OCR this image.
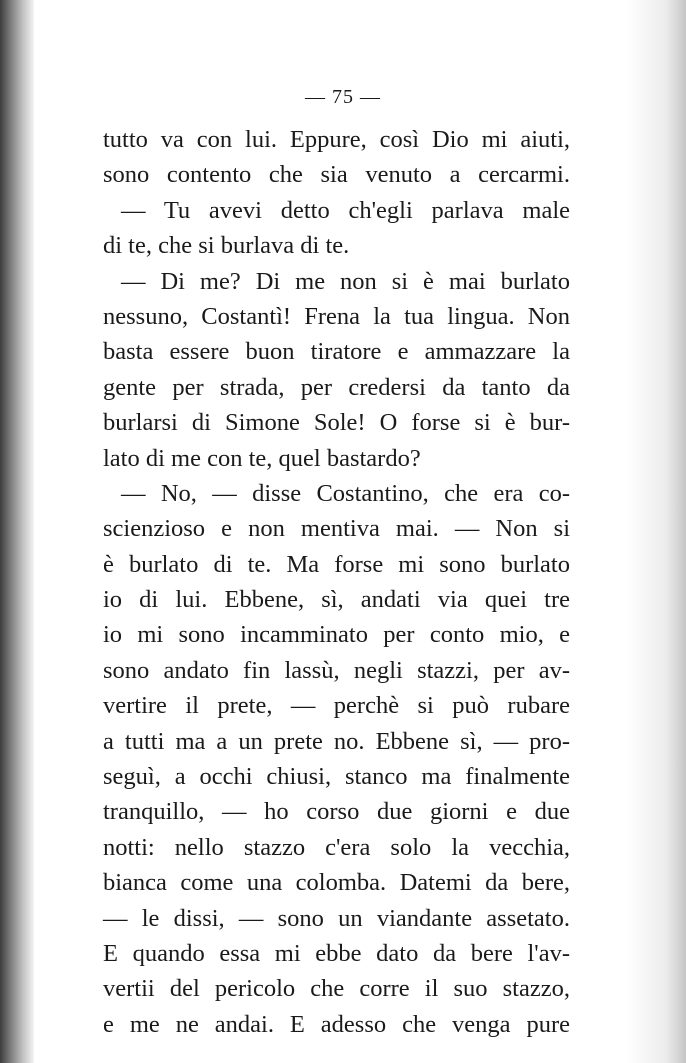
— 75 —
tutto va con lui. Eppure, così Dio mi aiuti,
sono contento che sia venuto a cercarmi.
— Tu avevi detto ch'egli parlava male
di te, che si burlava di te.
— Di me? Di me non si è mai burlato
nessuno, Costantì! Frena la tua lingua. Non
basta essere buon tiratore e ammazzare la
gente per strada, per credersi da tanto da
burlarsi di Simone Sole! O forse si è bur-
lato di me con te, quel bastardo?
— No, — disse Costantino, che era co-
scienzioso e non mentiva mai. — Non si
è burlato di te. Ma forse mi sono burlato
io di lui. Ebbene, sì, andati via quei tre
io mi sono incamminato per conto mio, e
sono andato fin lassù, negli stazzi, per av-
vertire il prete, — perchè si può rubare
a tutti ma a un prete no. Ebbene sì, — pro-
seguì, a occhi chiusi, stanco ma finalmente
tranquillo, — ho corso due giorni e due
notti: nello stazzo c'era solo la vecchia,
bianca come una colomba. Datemi da bere,
— le dissi, — sono un viandante assetato.
E quando essa mi ebbe dato da bere l'av-
vertii del pericolo che corre il suo stazzo,
e me ne andai. E adesso che venga pure
